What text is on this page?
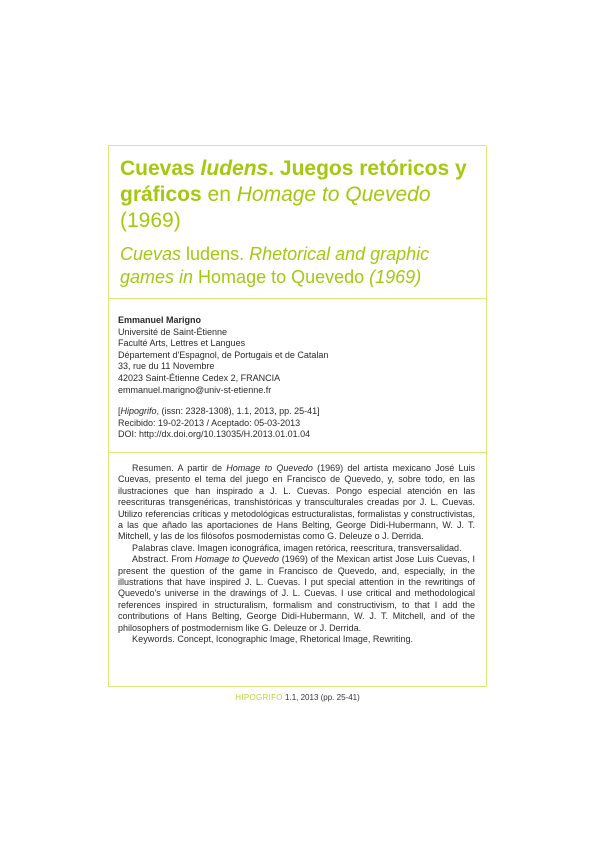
Cuevas ludens. Juegos retóricos y gráficos en Homage to Quevedo (1969)
Cuevas ludens. Rhetorical and graphic games in Homage to Quevedo (1969)
Emmanuel Marigno
Université de Saint-Étienne
Faculté Arts, Lettres et Langues
Département d'Espagnol, de Portugais et de Catalan
33, rue du 11 Novembre
42023 Saint-Étienne Cedex 2, FRANCIA
emmanuel.marigno@univ-st-etienne.fr
[Hipogrifo, (issn: 2328-1308), 1.1, 2013, pp. 25-41]
Recibido: 19-02-2013 / Aceptado: 05-03-2013
DOI: http://dx.doi.org/10.13035/H.2013.01.01.04

Resumen. A partir de Homage to Quevedo (1969) del artista mexicano José Luis Cuevas, presento el tema del juego en Francisco de Quevedo, y, sobre todo, en las ilustraciones que han inspirado a J. L. Cuevas. Pongo especial atención en las reescrituras transgenéricas, transhistóricas y transculturales creadas por J. L. Cuevas. Utilizo referencias críticas y metodológicas estructuralistas, formalistas y constructivistas, a las que añado las aportaciones de Hans Belting, George Didi-Hubermann, W. J. T. Mitchell, y las de los filósofos posmodernistas como G. Deleuze o J. Derrida.

Palabras clave. Imagen iconográfica, imagen retórica, reescritura, transversalidad.

Abstract. From Homage to Quevedo (1969) of the Mexican artist Jose Luis Cuevas, I present the question of the game in Francisco de Quevedo, and, especially, in the illustrations that have inspired J. L. Cuevas. I put special attention in the rewritings of Quevedo's universe in the drawings of J. L. Cuevas. I use critical and methodological references inspired in structuralism, formalism and constructivism, to that I add the contributions of Hans Belting, George Didi-Hubermann, W. J. T. Mitchell, and of the philosophers of postmodernism like G. Deleuze or J. Derrida.

Keywords. Concept, Iconographic Image, Rhetorical Image, Rewriting.

HIPOGRIFO 1.1, 2013 (pp. 25-41)
